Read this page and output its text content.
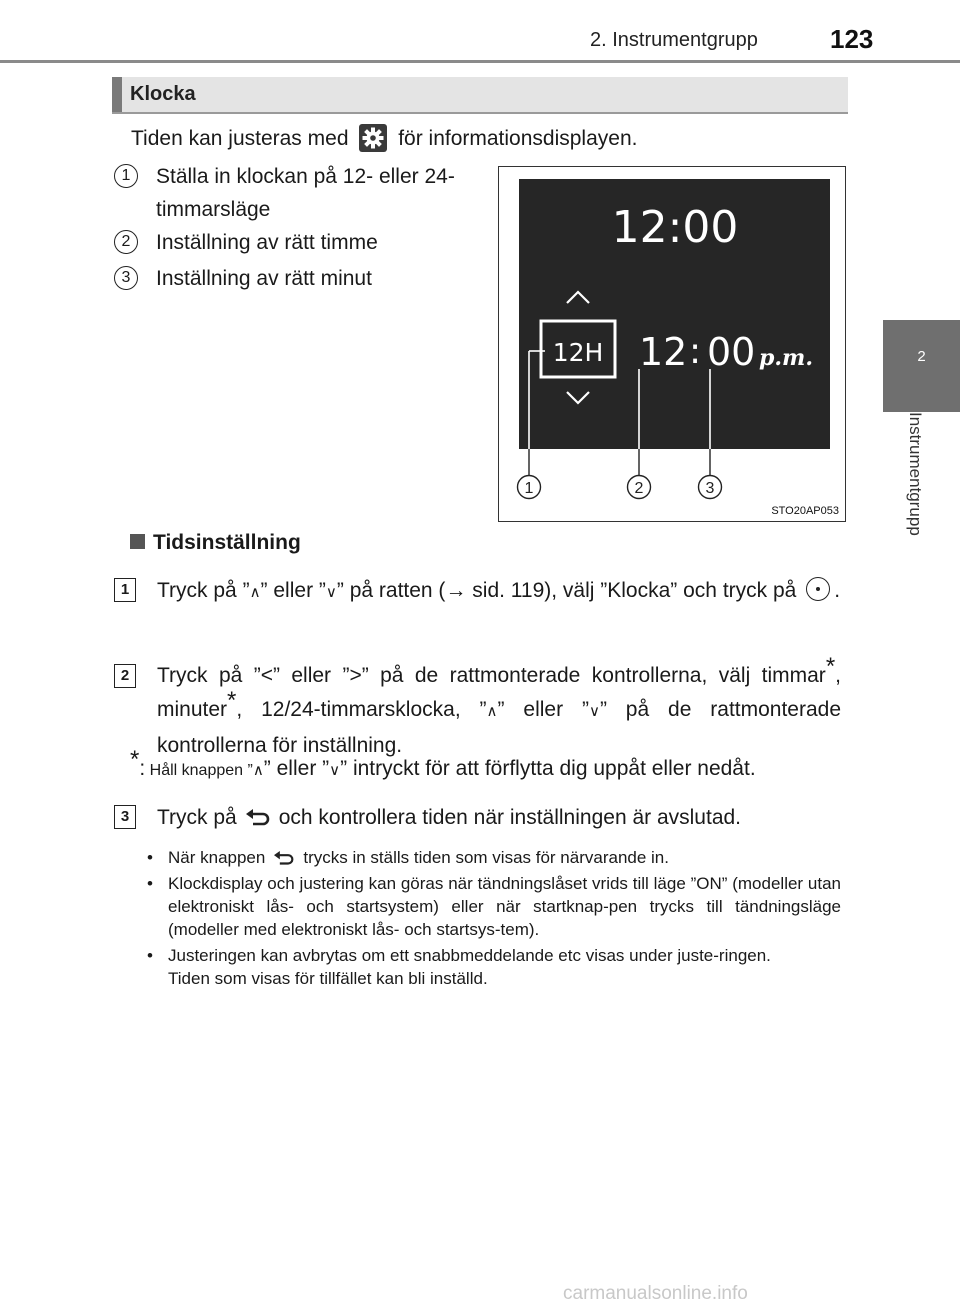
2. Instrumentgrupp	123
2
Instrumentgrupp
Klocka
Tiden kan justeras med för informationsdisplayen.
1	Ställa in klockan på 12- eller 24-timmarsläge
2	Inställning av rätt timme
3	Inställning av rätt minut
12:00
12H 12 : 00 p.m.
1	2	3
STO20AP053
Tidsinställning
1
2
3
Tryck på ”∧” eller ”∨” på ratten (→ sid. 119), välj ”Klocka” och tryck på .
Tryck på ”<” eller ”>” på de rattmonterade kontrollerna, välj timmar*, minuter*, 12/24-timmarsklocka, ”∧” eller ”∨” på de rattmonterade kontrollerna för inställning.
*: Håll knappen ”∧” eller ”∨” intryckt för att förflytta dig uppåt eller nedåt.
Tryck på och kontrollera tiden när inställningen är avslutad.
• När knappen trycks in ställs tiden som visas för närvarande in.
• Klockdisplay och justering kan göras när tändningslåset vrids till läge ”ON” (modeller utan elektroniskt lås- och startsystem) eller när startknap-pen trycks till tändningsläge (modeller med elektroniskt lås- och startsys-tem).
• Justeringen kan avbrytas om ett snabbmeddelande etc visas under juste-ringen.
Tiden som visas för tillfället kan bli inställd.
carmanualsonline.info
